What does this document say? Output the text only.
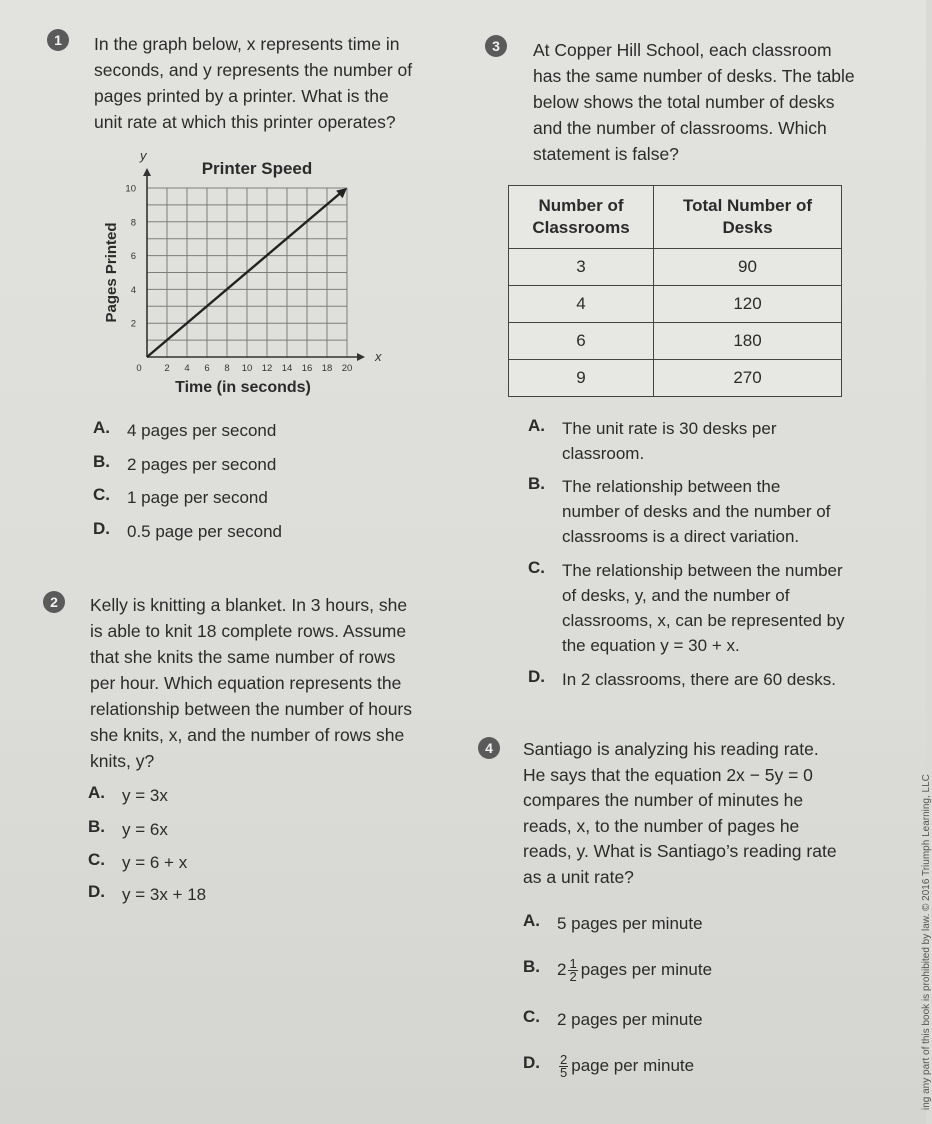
1	In the graph below, x represents time in
seconds, and y represents the number of
pages printed by a printer. What is the
unit rate at which this printer operates?
x
y
Printer Speed
0 2 4 6 8 10 12 14 16 18 20
2
4
6
8
10
Time (in seconds)
Pages Printed
A. 4 pages per second
B. 2 pages per second
C. 1 page per second
D. 0.5 page per second
2	Kelly is knitting a blanket. In 3 hours, she
is able to knit 18 complete rows. Assume
that she knits the same number of rows
per hour. Which equation represents the
relationship between the number of hours
she knits, x, and the number of rows she
knits, y?
A. y = 3x
B. y = 6x
C. y = 6 + x
D. y = 3x + 18
3	At Copper Hill School, each classroom
has the same number of desks. The table
below shows the total number of desks
and the number of classrooms. Which
statement is false?
Number of
Classrooms	Total Number of
Desks

3	90
4	120
6	180
9	270
A. The unit rate is 30 desks per
classroom.
B. The relationship between the
number of desks and the number of
classrooms is a direct variation.
C. The relationship between the number
of desks, y, and the number of
classrooms, x, can be represented by
the equation y = 30 + x.
D. In 2 classrooms, there are 60 desks.
4	Santiago is analyzing his reading rate.
He says that the equation 2x − 5y = 0
compares the number of minutes he
reads, x, to the number of pages he
reads, y. What is Santiago’s reading rate
as a unit rate?
A. 5 pages per minute
B. $2 \frac{1}{2}$ pages per minute
C. 2 pages per minute
D. $\frac{2}{5}$ page per minute	ing any part of this book is prohibited by law. © 2016 Triumph Learning, LLC
